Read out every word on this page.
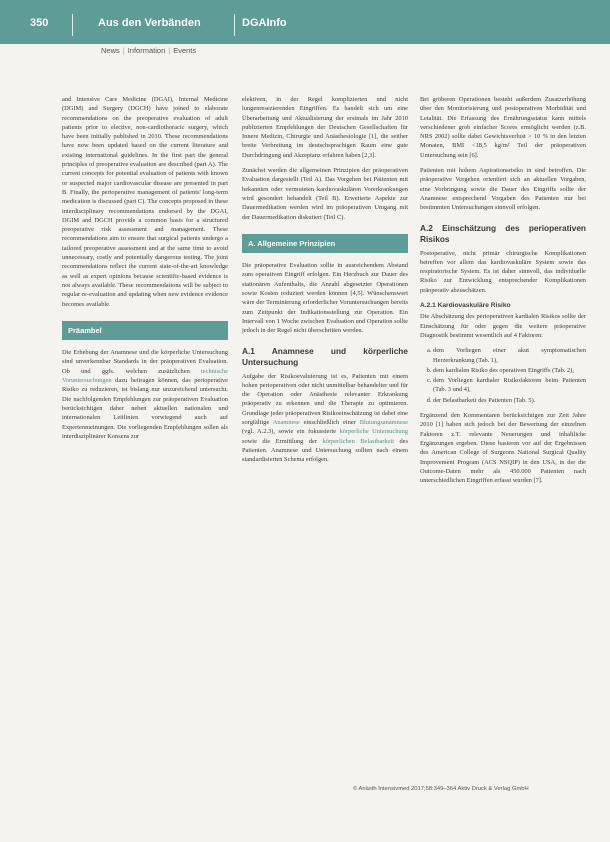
350	Aus den Verbänden	DGAInfo
News | Information | Events

and Intensive Care Medicine (DGAI), Internal Medicine (DGIM) and Surgery (DGCH) have joined to elaborate recommendations on the preoperative evaluation of adult patients prior to elective, non-cardiothoracic surgery, which have been initially published in 2010. These recommendations have now been updated based on the current literature and existing international guidelines. In the first part the general principles of preoperative evaluation are described (part A). The current concepts for potential evaluation of patients with known or suspected major cardiovascular disease are presented in part B. Finally, the perioperative management of patients' long-term medication is discussed (part C). The concepts proposed in these interdisciplinary recommendations endorsed by the DGAI, DGIM and DGCH provide a common basis for a structured preoperative risk assessment and management. These recommendations aim to ensure that surgical patients undergo a tailored preoperative assessment and at the same time to avoid unnecessary, costly and potentially dangerous testing. The joint recommendations reflect the current state-of-the-art knowledge as well as expert opinions because scientific-based evidence is not always available. These recommendations will be subject to regular re-evaluation and updating when new evidence evidence becomes available.

Präambel

Die Erhebung der Anamnese und die körperliche Untersuchung sind unverkennbar Standards in der präoperativen Evaluation. Ob und ggfs. welchen zusätzlichen technische Voruntersuchungen dazu beitragen können, das perioperative Risiko zu reduzieren, ist bislang nur unzureichend untersucht. Die nachfolgenden Empfehlungen zur präoperativen Evaluation berücksichtigen daher neben aktuellen nationalen und internationalen Leitlinien vorwiegend auch auf Expertenmeinungen. Die vorliegenden Empfehlungen sollen als interdisziplinärer Konsens zur

elektiven, in der Regel komplizierten und nicht lungenresezierenden Eingriffen. Es handelt sich um eine Überarbeitung und Aktualisierung der erstmals im Jahr 2010 publizierten Empfehlungen der Deutschen Gesellschaften für Innere Medizin, Chirurgie und Anästhesiologie [1], die seither breite Verbreitung im deutschsprachigen Raum eine gute Durchdringung und Akzeptanz erfahren haben [2,3].

Zunächst werden die allgemeinen Prinzipien der präoperativen Evaluation dargestellt (Teil A). Das Vorgehen bei Patienten mit bekannten oder vermuteten kardiovaskulären Vorerkrankungen wird gesondert behandelt (Teil B). Erweiterte Aspekte zur Dauermedikation werden wird im präoperativen Umgang mit der Dauermedikation diskutiert (Teil C).

A. Allgemeine Prinzipien

Die präoperative Evaluation sollte in ausreichendem Abstand zum operativen Eingriff erfolgen. Ein Herzbuch zur Dauer des stationären Aufenthalts, die Anzahl abgesetzter Operationen sowie Kosten reduziert werden können [4,5]. Wünschenswert wäre der Terminierung erforderlicher Voruntersuchungen bereits zum Zeitpunkt der Indikationsstellung zur Operation. Ein Intervall von 1 Woche zwischen Evaluation und Operation sollte jedoch in der Regel nicht überschritten werden.

A.1 Anamnese und körperliche Untersuchung

Aufgabe der Risikoevaluierung ist es, Patienten mit einem hohen perioperativen oder nicht unmittelbar behandelter und für die Operation oder Anästhesie relevanter Erkrankung präoperativ zu erkennen und die Therapie zu optimieren. Grundlage jeder präoperativen Risikoeinschätzung ist dabei eine sorgfältige Anamnese einschließlich einer Blutungsanamnese (vgl. A.2.3), sowie ein fokussierte körperliche Untersuchung sowie die Ermittlung der körperlichen Belastbarkeit des Patienten. Anamnese und Untersuchung sollten nach einem standardisierten Schema erfolgen.

Bei gröberen Operationen besteht außerdem Zusatzerhöhung über den Monitorisierung und postoperativen Morbidität und Letalität. Die Erfassung des Ernährungsstatus kann mittels verschiedener grob einfacher Scores ermöglicht werden (z.B. NRS 2002) sollte dabei Gewichtsverlust > 10 % in den letzten Monaten, BMI <18,5 kg/m² Teil der präoperativen Untersuchung sein [6].

Patienten mit hohem Aspirationsrisiko in sind betroffen. Die präoperative Vorgehen orientiert sich an aktuellen Vorgaben, eine Vorbringung sowie die Dauer des Eingriffs sollte der Anamnese entsprechend Vorgaben des Patienten nur bei bestimmten Untersuchungen sinnvoll erfolgen.

A.2 Einschätzung des perioperativen Risikos

Postoperative, nicht primär chirurgische Komplikationen betreffen vor allem das kardiovaskuläre System sowie das respiratorische System. Es ist daher sinnvoll, das individuelle Risiko zur Entwicklung entsprechender Komplikationen präoperativ abzuschätzen.

A.2.1 Kardiovaskuläre Risiko

Die Abschätzung des perioperativen kardialen Risikos sollte der Einschätzung für oder gegen die weitere präoperative Diagnostik bestimmt wesentlich auf 4 Faktoren:

a. dem Vorliegen einer akut symptomatischen Herzerkrankung (Tab. 1),
b. dem kardialen Risiko des operativen Eingriffs (Tab. 2),
c. dem Vorliegen kardialer Risikofaktoren beim Patienten (Tab. 3 und 4),
d. der Belastbarkeit des Patienten (Tab. 5).

Ergänzend den Kommentaren berücksichtigen zur Zeit Jahre 2010 [1] haben sich jedoch bei der Bewertung der einzelnen Faktoren z.T. relevante Neuerungen und inhaltliche Ergänzungen ergeben. Diese basieren vor auf der Ergebnissen des American College of Surgeons National Surgical Quality Improvement Program (ACS NSQIP) in den USA, in der die Outcome-Daten mehr als 450.000 Patienten nach unterschiedlichen Eingriffen erfasst wurden [7].

© Anästh Intensivmed 2017;58:349–364 Aktiv Druck & Verlag GmbH
